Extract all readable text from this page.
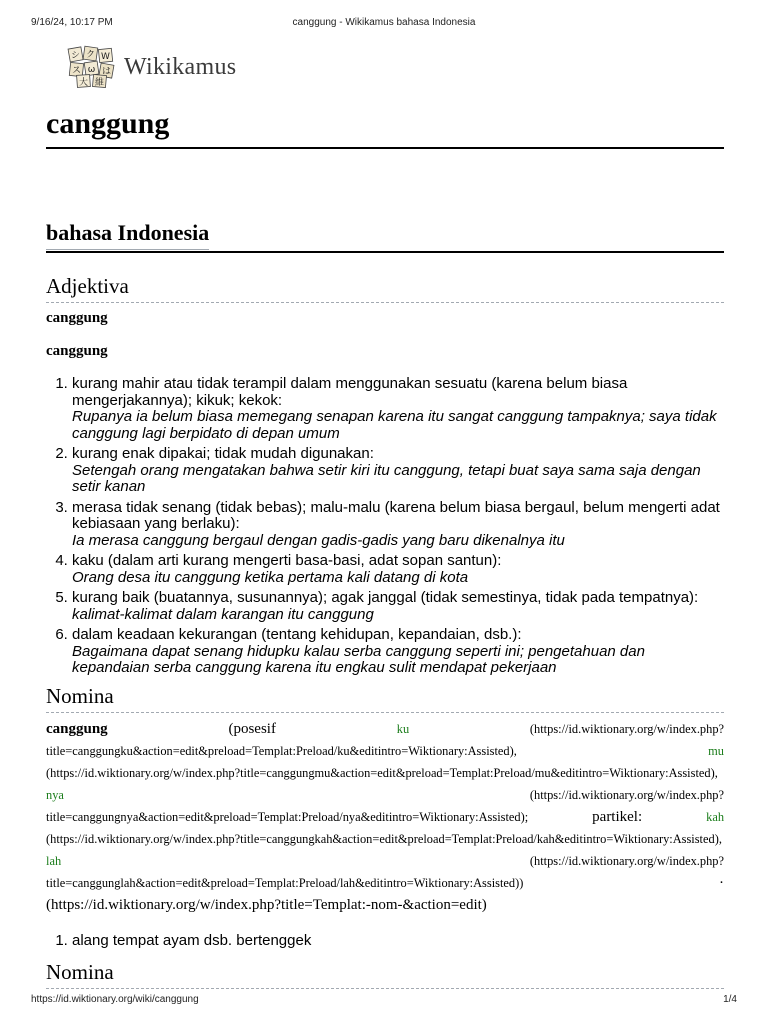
9/16/24, 10:17 PM	canggung - Wikikamus bahasa Indonesia
シ ク W
ス ω は
大 維
Wikikamus
canggung
bahasa Indonesia
Adjektiva
canggung
canggung
1. kurang mahir atau tidak terampil dalam menggunakan sesuatu (karena belum biasa mengerjakannya); kikuk; kekok:
Rupanya ia belum biasa memegang senapan karena itu sangat canggung tampaknya; saya tidak canggung lagi berpidato di depan umum
2. kurang enak dipakai; tidak mudah digunakan:
Setengah orang mengatakan bahwa setir kiri itu canggung, tetapi buat saya sama saja dengan setir kanan
3. merasa tidak senang (tidak bebas); malu-malu (karena belum biasa bergaul, belum mengerti adat kebiasaan yang berlaku):
Ia merasa canggung bergaul dengan gadis-gadis yang baru dikenalnya itu
4. kaku (dalam arti kurang mengerti basa-basi, adat sopan santun):
Orang desa itu canggung ketika pertama kali datang di kota
5. kurang baik (buatannya, susunannya); agak janggal (tidak semestinya, tidak pada tempatnya):
kalimat-kalimat dalam karangan itu canggung
6. dalam keadaan kekurangan (tentang kehidupan, kepandaian, dsb.):
Bagaimana dapat senang hidupku kalau serba canggung seperti ini; pengetahuan dan kepandaian serba canggung karena itu engkau sulit mendapat pekerjaan
Nomina

canggung	(posesif	ku	(https://id.wiktionary.org/w/index.php?title=canggungku&action=edit&preload=Templat:Preload/ku&editintro=Wiktionary:Assisted),	mu (https://id.wiktionary.org/w/index.php?title=canggungmu&action=edit&preload=Templat:Preload/mu&editintro=Wiktionary:Assisted), nya	(https://id.wiktionary.org/w/index.php?title=canggungnya&action=edit&preload=Templat:Preload/nya&editintro=Wiktionary:Assisted);	partikel:	kah (https://id.wiktionary.org/w/index.php?title=canggungkah&action=edit&preload=Templat:Preload/kah&editintro=Wiktionary:Assisted), lah	(https://id.wiktionary.org/w/index.php?title=canggunglah&action=edit&preload=Templat:Preload/lah&editintro=Wiktionary:Assisted))	· (https://id.wiktionary.org/w/index.php?title=Templat:-nom-&action=edit)

1. alang tempat ayam dsb. bertenggek
Nomina
https://id.wiktionary.org/wiki/canggung	1/4
